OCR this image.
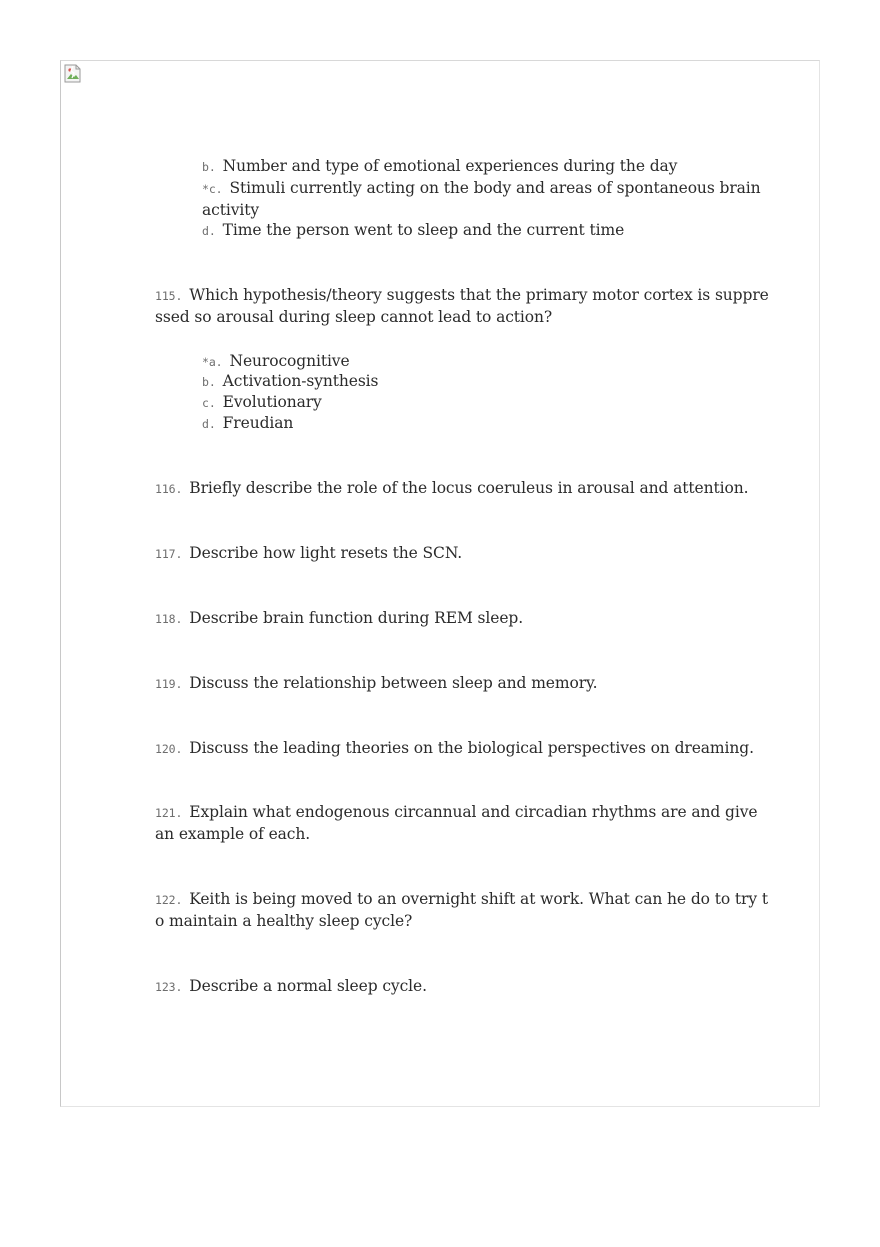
b. Number and type of emotional experiences during the day
*c. Stimuli currently acting on the body and areas of spontaneous brain
activity
d. Time the person went to sleep and the current time
115. Which hypothesis/theory suggests that the primary motor cortex is suppre
ssed so arousal during sleep cannot lead to action?
*a. Neurocognitive
b. Activation-synthesis
c. Evolutionary
d. Freudian
116. Briefly describe the role of the locus coeruleus in arousal and attention.
117. Describe how light resets the SCN.
118. Describe brain function during REM sleep.
119. Discuss the relationship between sleep and memory.
120. Discuss the leading theories on the biological perspectives on dreaming.
121. Explain what endogenous circannual and circadian rhythms are and give
an example of each.
122. Keith is being moved to an overnight shift at work. What can he do to try t
o maintain a healthy sleep cycle?
123. Describe a normal sleep cycle.
